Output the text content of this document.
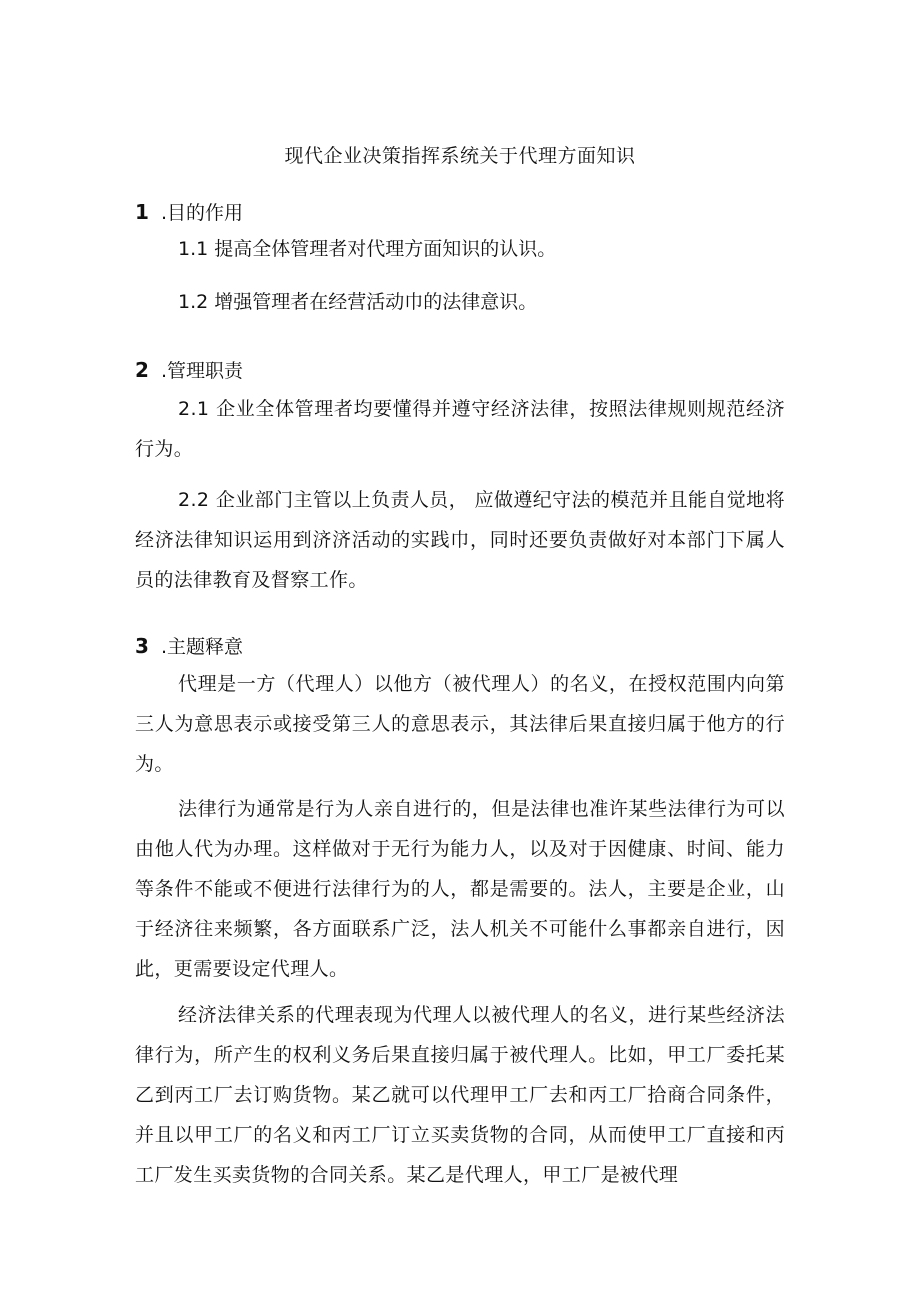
现代企业决策指挥系统关于代理方面知识
1 .目的作用
1.1 提高全体管理者对代理方面知识的认识。
1.2 增强管理者在经营活动巾的法律意识。
2 .管理职责
2.1 企业全体管理者均要懂得并遵守经济法律，按照法律规则规范经济行为。
2.2 企业部门主管以上负责人员， 应做遵纪守法的模范并且能自觉地将经济法律知识运用到济济活动的实践巾，同时还要负责做好对本部门下属人员的法律教育及督察工作。
3 .主题释意
代理是一方（代理人）以他方（被代理人）的名义，在授权范围内向第三人为意思表示或接受第三人的意思表示，其法律后果直接归属于他方的行为。
法律行为通常是行为人亲自进行的，但是法律也准许某些法律行为可以由他人代为办理。这样做对于无行为能力人，以及对于因健康、时间、能力等条件不能或不便进行法律行为的人，都是需要的。法人，主要是企业，山于经济往来频繁，各方面联系广泛，法人机关不可能什么事都亲自进行，因此，更需要设定代理人。
经济法律关系的代理表现为代理人以被代理人的名义，进行某些经济法律行为，所产生的权利义务后果直接归属于被代理人。比如，甲工厂委托某乙到丙工厂去订购货物。某乙就可以代理甲工厂去和丙工厂拾商合同条件，并且以甲工厂的名义和丙工厂订立买卖货物的合同，从而使甲工厂直接和丙工厂发生买卖货物的合同关系。某乙是代理人，甲工厂是被代理
